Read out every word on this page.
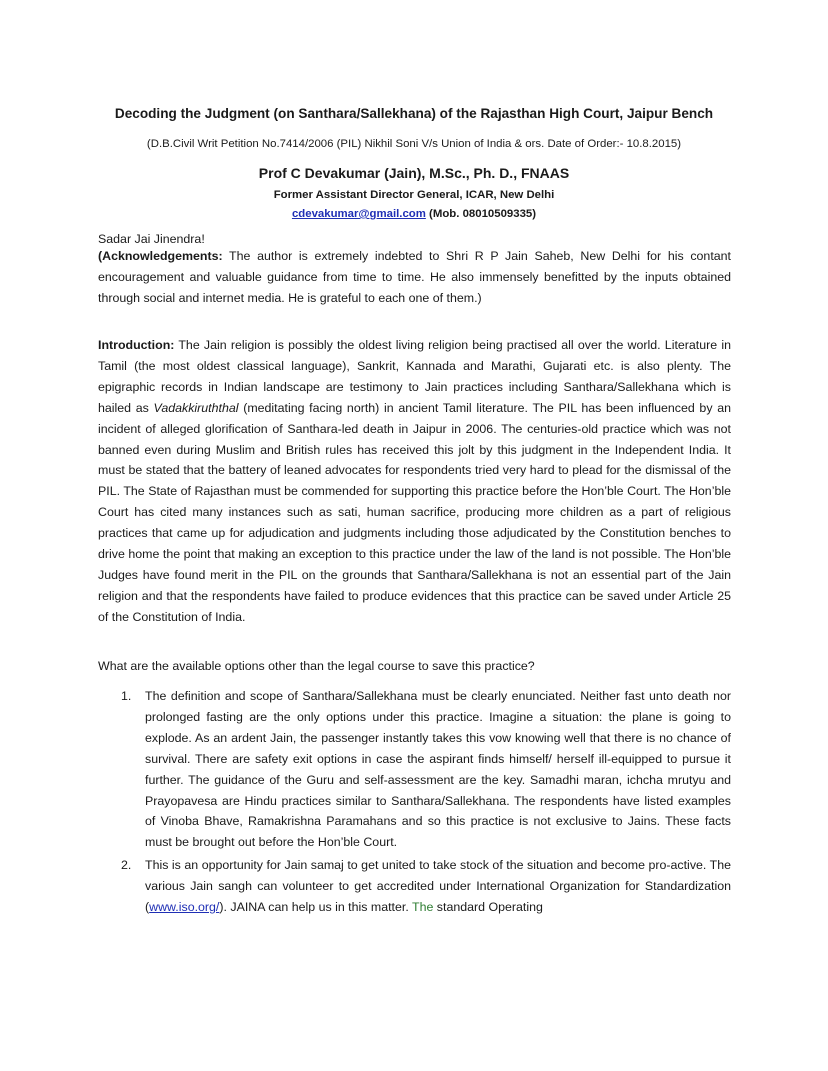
Decoding the Judgment (on Santhara/Sallekhana) of the Rajasthan High Court, Jaipur Bench

(D.B.Civil Writ Petition No.7414/2006 (PIL) Nikhil Soni V/s Union of India & ors. Date of Order:- 10.8.2015)

Prof C Devakumar (Jain), M.Sc., Ph. D., FNAAS

Former Assistant Director General, ICAR, New Delhi

cdevakumar@gmail.com (Mob. 08010509335)

Sadar Jai Jinendra!

(Acknowledgements: The author is extremely indebted to Shri R P Jain Saheb, New Delhi for his contant encouragement and valuable guidance from time to time. He also immensely benefitted by the inputs obtained through social and internet media. He is grateful to each one of them.)

Introduction: The Jain religion is possibly the oldest living religion being practised all over the world. Literature in Tamil (the most oldest classical language), Sankrit, Kannada and Marathi, Gujarati etc. is also plenty. The epigraphic records in Indian landscape are testimony to Jain practices including Santhara/Sallekhana which is hailed as Vadakkiruththal (meditating facing north) in ancient Tamil literature. The PIL has been influenced by an incident of alleged glorification of Santhara-led death in Jaipur in 2006. The centuries-old practice which was not banned even during Muslim and British rules has received this jolt by this judgment in the Independent India. It must be stated that the battery of leaned advocates for respondents tried very hard to plead for the dismissal of the PIL. The State of Rajasthan must be commended for supporting this practice before the Hon’ble Court. The Hon’ble Court has cited many instances such as sati, human sacrifice, producing more children as a part of religious practices that came up for adjudication and judgments including those adjudicated by the Constitution benches to drive home the point that making an exception to this practice under the law of the land is not possible. The Hon’ble Judges have found merit in the PIL on the grounds that Santhara/Sallekhana is not an essential part of the Jain religion and that the respondents have failed to produce evidences that this practice can be saved under Article 25 of the Constitution of India.

What are the available options other than the legal course to save this practice?

1. The definition and scope of Santhara/Sallekhana must be clearly enunciated. Neither fast unto death nor prolonged fasting are the only options under this practice. Imagine a situation: the plane is going to explode. As an ardent Jain, the passenger instantly takes this vow knowing well that there is no chance of survival. There are safety exit options in case the aspirant finds himself/ herself ill-equipped to pursue it further. The guidance of the Guru and self-assessment are the key. Samadhi maran, ichcha mrutyu and Prayopavesa are Hindu practices similar to Santhara/Sallekhana. The respondents have listed examples of Vinoba Bhave, Ramakrishna Paramahans and so this practice is not exclusive to Jains. These facts must be brought out before the Hon’ble Court.
2. This is an opportunity for Jain samaj to get united to take stock of the situation and become pro-active. The various Jain sangh can volunteer to get accredited under International Organization for Standardization (www.iso.org/). JAINA can help us in this matter. The standard Operating
